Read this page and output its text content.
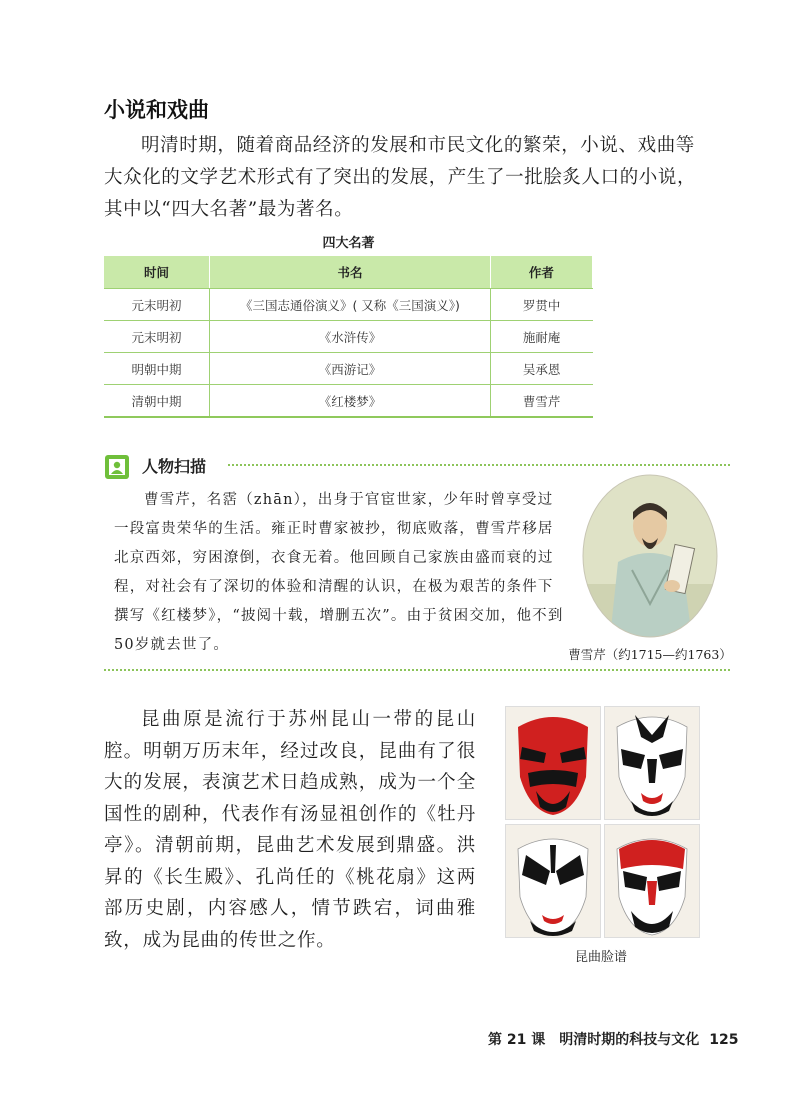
小说和戏曲

明清时期，随着商品经济的发展和市民文化的繁荣，小说、戏曲等大众化的文学艺术形式有了突出的发展，产生了一批脍炙人口的小说，其中以“四大名著”最为著名。

四大名著
时间	书名	作者
元末明初	《三国志通俗演义》( 又称《三国演义》)	罗贯中
元末明初	《水浒传》	施耐庵
明朝中期	《西游记》	吴承恩
清朝中期	《红楼梦》	曹雪芹
人物扫描

曹雪芹，名霑（zhān），出身于官宦世家，少年时曾享受过一段富贵荣华的生活。雍正时曹家被抄，彻底败落，曹雪芹移居北京西郊，穷困潦倒，衣食无着。他回顾自己家族由盛而衰的过程，对社会有了深切的体验和清醒的认识，在极为艰苦的条件下撰写《红楼梦》，“披阅十载，增删五次”。由于贫困交加，他不到50岁就去世了。

曹雪芹（约1715—约1763）

昆曲原是流行于苏州昆山一带的昆山腔。明朝万历末年，经过改良，昆曲有了很大的发展，表演艺术日趋成熟，成为一个全国性的剧种，代表作有汤显祖创作的《牡丹亭》。清朝前期，昆曲艺术发展到鼎盛。洪昇的《长生殿》、孔尚任的《桃花扇》这两部历史剧，内容感人，情节跌宕，词曲雅致，成为昆曲的传世之作。

昆曲脸谱
第 21 课　明清时期的科技与文化 125
